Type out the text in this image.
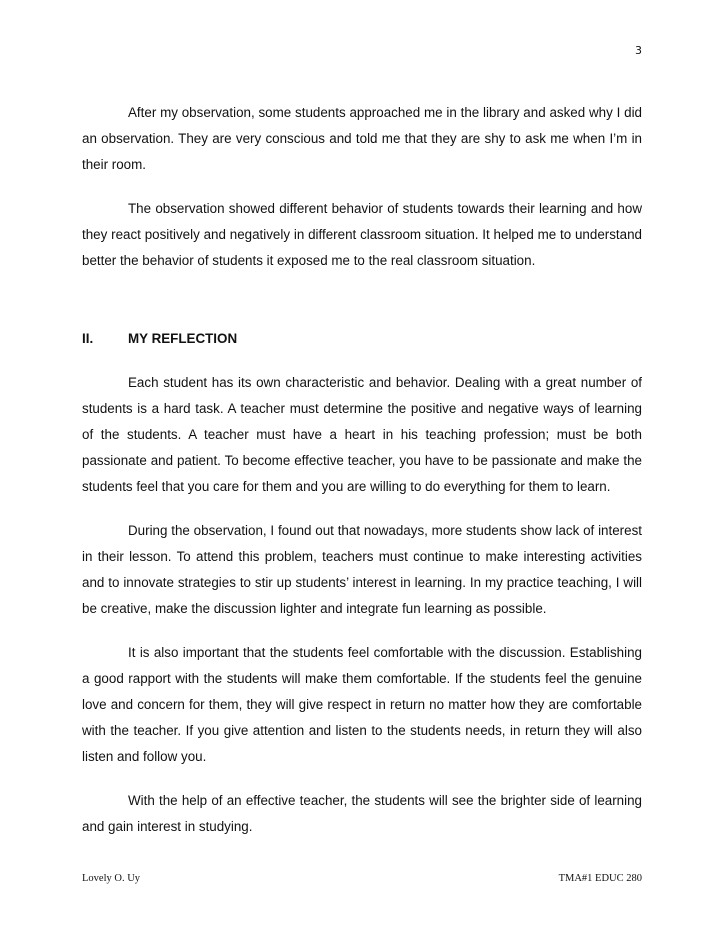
3

After my observation, some students approached me in the library and asked why I did an observation. They are very conscious and told me that they are shy to ask me when I’m in their room.

The observation showed different behavior of students towards their learning and how they react positively and negatively in different classroom situation. It helped me to understand better the behavior of students it exposed me to the real classroom situation.

II.	MY REFLECTION

Each student has its own characteristic and behavior. Dealing with a great number of students is a hard task. A teacher must determine the positive and negative ways of learning of the students. A teacher must have a heart in his teaching profession; must be both passionate and patient. To become effective teacher, you have to be passionate and make the students feel that you care for them and you are willing to do everything for them to learn.

During the observation, I found out that nowadays, more students show lack of interest in their lesson. To attend this problem, teachers must continue to make interesting activities and to innovate strategies to stir up students’ interest in learning. In my practice teaching, I will be creative, make the discussion lighter and integrate fun learning as possible.

It is also important that the students feel comfortable with the discussion. Establishing a good rapport with the students will make them comfortable. If the students feel the genuine love and concern for them, they will give respect in return no matter how they are comfortable with the teacher. If you give attention and listen to the students needs, in return they will also listen and follow you.

With the help of an effective teacher, the students will see the brighter side of learning and gain interest in studying.

Lovely O. Uy	TMA#1 EDUC 280
